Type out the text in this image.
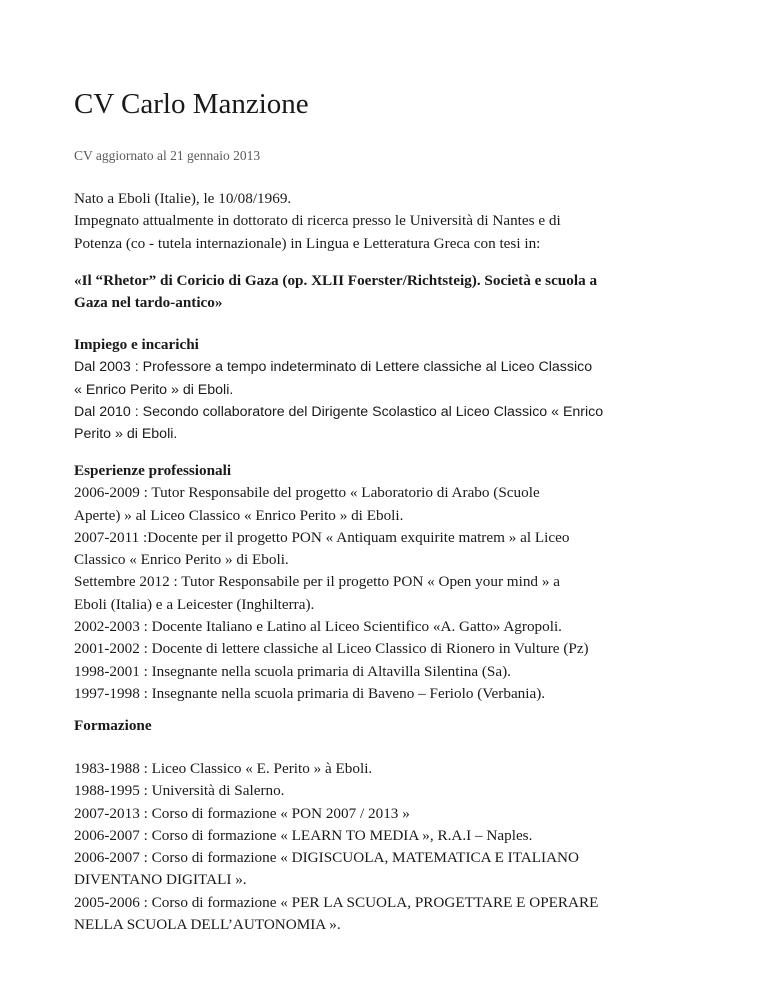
CV Carlo Manzione
CV aggiornato al 21 gennaio 2013
Nato a Eboli (Italie), le 10/08/1969.
Impegnato attualmente in dottorato di ricerca presso le Università di Nantes e di
Potenza (co - tutela internazionale) in Lingua e Letteratura Greca con tesi in:
«Il “Rhetor” di Coricio di Gaza (op. XLII Foerster/Richtsteig). Società e scuola a
Gaza nel tardo-antico»
Impiego e incarichi
Dal 2003 : Professore a tempo indeterminato di Lettere classiche al Liceo Classico
« Enrico Perito » di Eboli.
Dal 2010 : Secondo collaboratore del Dirigente Scolastico al Liceo Classico « Enrico
Perito » di Eboli.
Esperienze professionali
2006-2009 : Tutor Responsabile del progetto « Laboratorio di Arabo (Scuole
Aperte) » al Liceo Classico « Enrico Perito » di Eboli.
2007-2011 :Docente per il progetto PON « Antiquam exquirite matrem » al Liceo
Classico « Enrico Perito » di Eboli.
Settembre 2012 : Tutor Responsabile per il progetto PON « Open your mind » a
Eboli (Italia) e a Leicester (Inghilterra).
2002-2003 : Docente Italiano e Latino al Liceo Scientifico «A. Gatto» Agropoli.
2001-2002 : Docente di lettere classiche al Liceo Classico di Rionero in Vulture (Pz)
1998-2001 : Insegnante nella scuola primaria di Altavilla Silentina (Sa).
1997-1998 : Insegnante nella scuola primaria di Baveno – Feriolo (Verbania).
Formazione
1983-1988 : Liceo Classico « E. Perito » à Eboli.
1988-1995 : Università di Salerno.
2007-2013 : Corso di formazione « PON 2007 / 2013 »
2006-2007 : Corso di formazione « LEARN TO MEDIA », R.A.I – Naples.
2006-2007 : Corso di formazione « DIGISCUOLA, MATEMATICA E ITALIANO
DIVENTANO DIGITALI ».
2005-2006 : Corso di formazione « PER LA SCUOLA, PROGETTARE E OPERARE
NELLA SCUOLA DELL’AUTONOMIA ».
